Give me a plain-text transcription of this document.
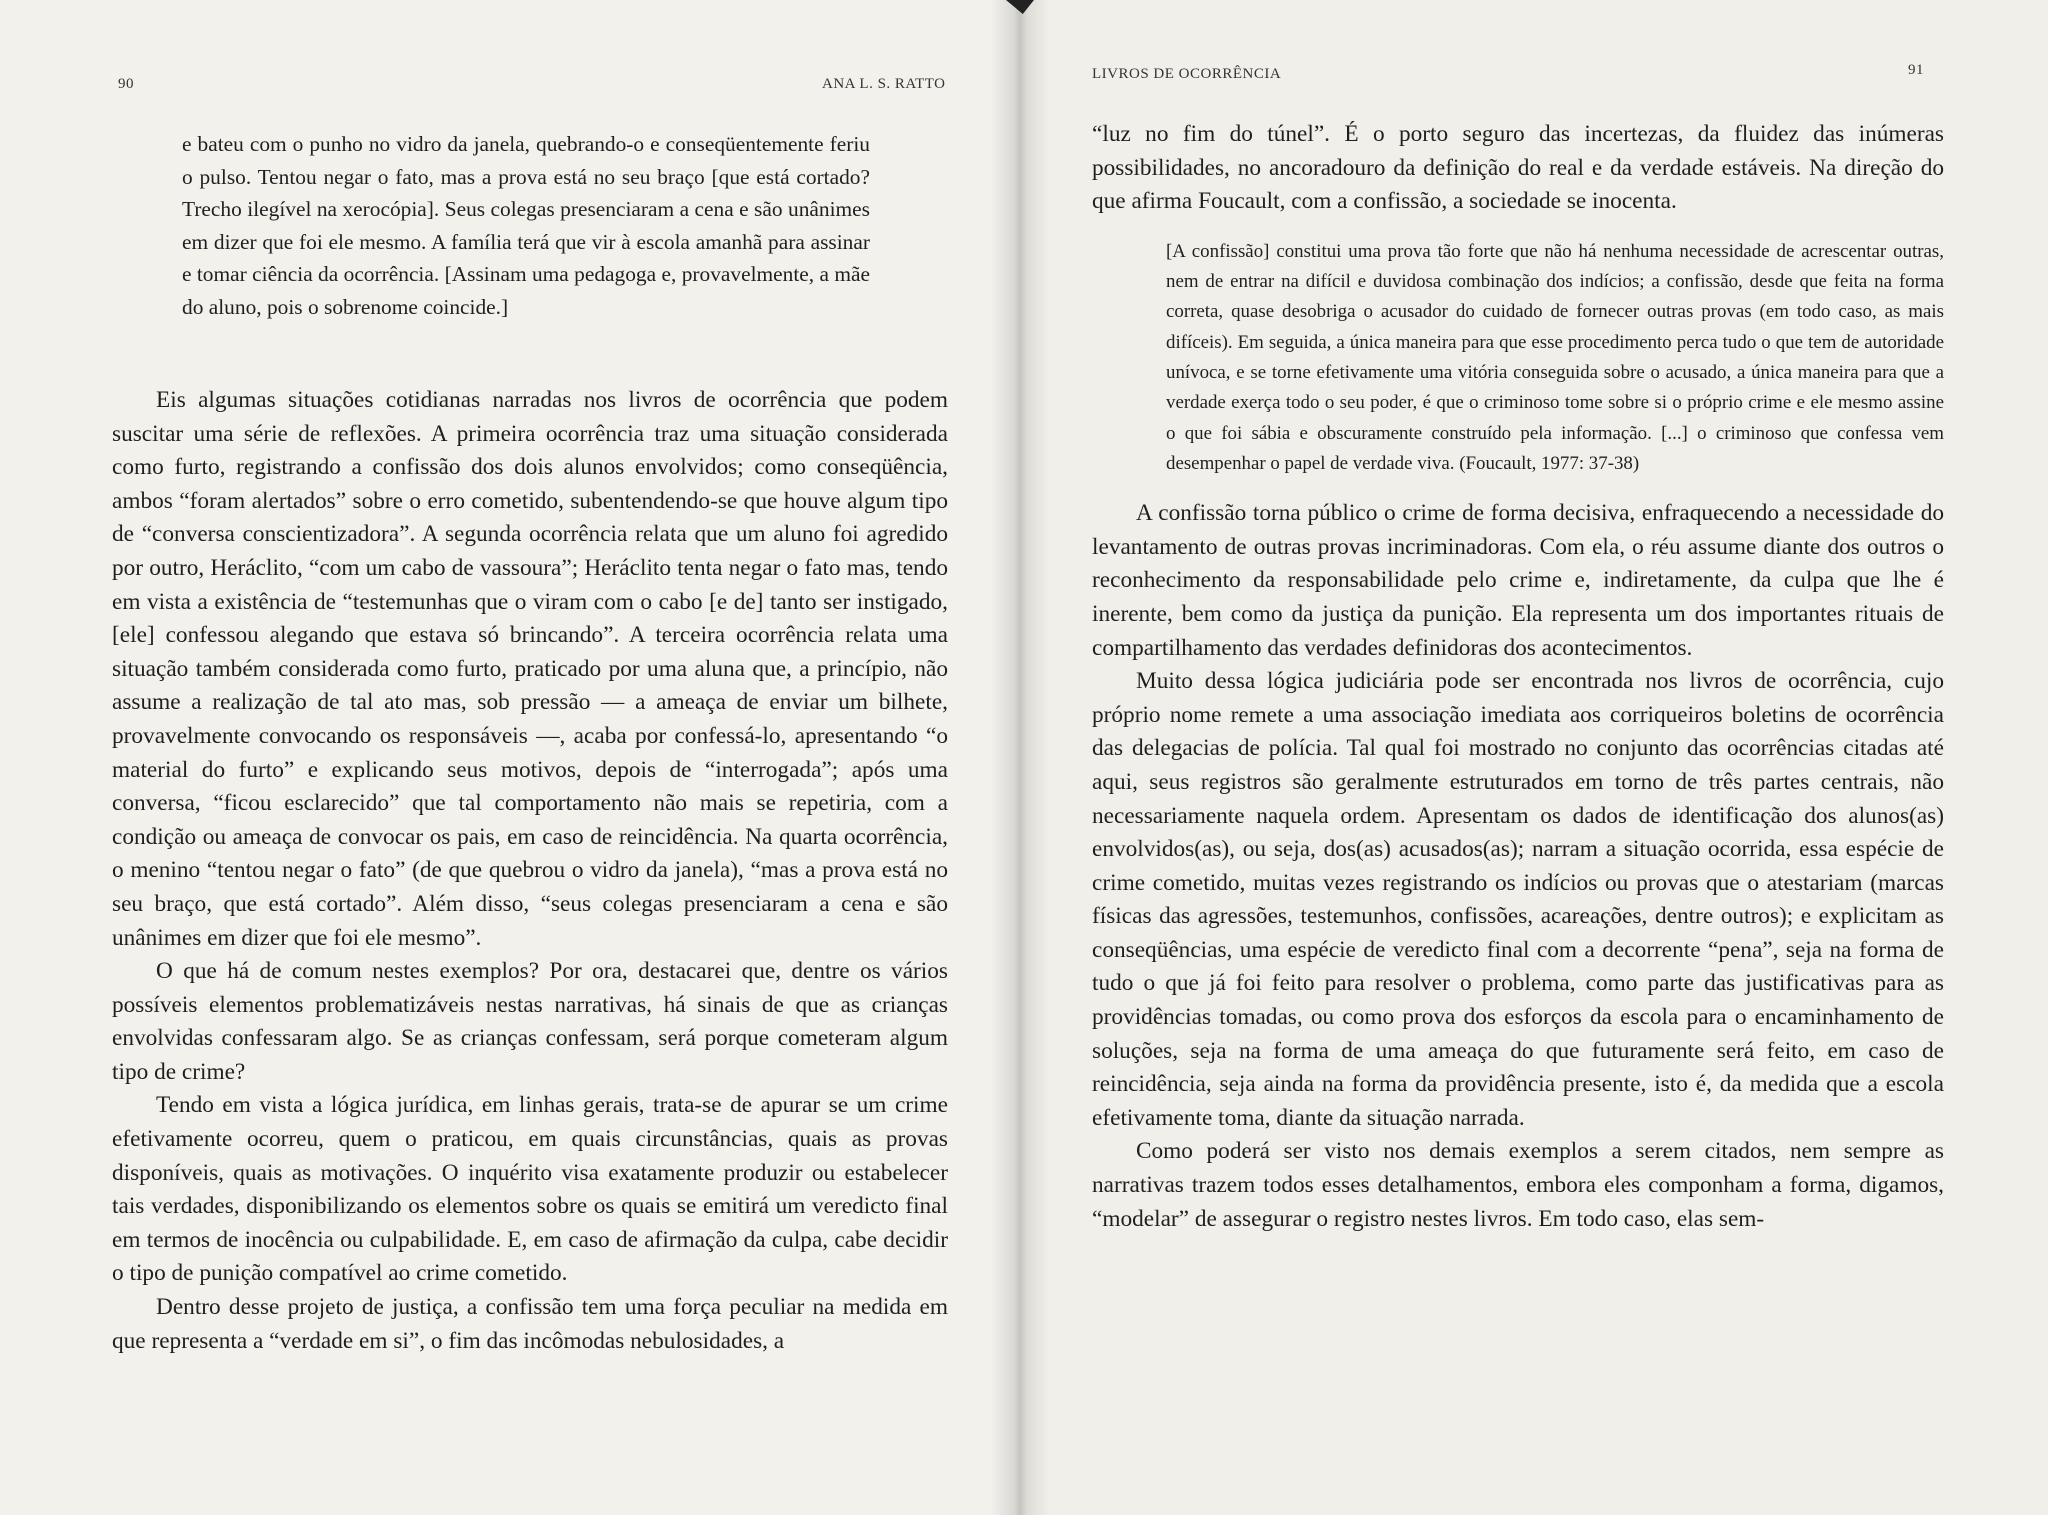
90	ANA L. S. RATTO

e bateu com o punho no vidro da janela, quebrando-o e conseqüentemente feriu o pulso. Tentou negar o fato, mas a prova está no seu braço [que está cortado? Trecho ilegível na xerocópia]. Seus colegas presenciaram a cena e são unânimes em dizer que foi ele mesmo. A família terá que vir à escola amanhã para assinar e tomar ciência da ocorrência. [Assinam uma pedagoga e, provavelmente, a mãe do aluno, pois o sobrenome coincide.]

Eis algumas situações cotidianas narradas nos livros de ocorrência que podem suscitar uma série de reflexões. A primeira ocorrência traz uma situação considerada como furto, registrando a confissão dos dois alunos envolvidos; como conseqüência, ambos “foram alertados” sobre o erro cometido, subentendendo-se que houve algum tipo de “conversa conscientizadora”. A segunda ocorrência relata que um aluno foi agredido por outro, Heráclito, “com um cabo de vassoura”; Heráclito tenta negar o fato mas, tendo em vista a existência de “testemunhas que o viram com o cabo [e de] tanto ser instigado, [ele] confessou alegando que estava só brincando”. A terceira ocorrência relata uma situação também considerada como furto, praticado por uma aluna que, a princípio, não assume a realização de tal ato mas, sob pressão — a ameaça de enviar um bilhete, provavelmente convocando os responsáveis —, acaba por confessá-lo, apresentando “o material do furto” e explicando seus motivos, depois de “interrogada”; após uma conversa, “ficou esclarecido” que tal comportamento não mais se repetiria, com a condição ou ameaça de convocar os pais, em caso de reincidência. Na quarta ocorrência, o menino “tentou negar o fato” (de que quebrou o vidro da janela), “mas a prova está no seu braço, que está cortado”. Além disso, “seus colegas presenciaram a cena e são unânimes em dizer que foi ele mesmo”.

O que há de comum nestes exemplos? Por ora, destacarei que, dentre os vários possíveis elementos problematizáveis nestas narrativas, há sinais de que as crianças envolvidas confessaram algo. Se as crianças confessam, será porque cometeram algum tipo de crime?

Tendo em vista a lógica jurídica, em linhas gerais, trata-se de apurar se um crime efetivamente ocorreu, quem o praticou, em quais circunstâncias, quais as provas disponíveis, quais as motivações. O inquérito visa exatamente produzir ou estabelecer tais verdades, disponibilizando os elementos sobre os quais se emitirá um veredicto final em termos de inocência ou culpabilidade. E, em caso de afirmação da culpa, cabe decidir o tipo de punição compatível ao crime cometido.

Dentro desse projeto de justiça, a confissão tem uma força peculiar na medida em que representa a “verdade em si”, o fim das incômodas nebulosidades, a

LIVROS DE OCORRÊNCIA	91

“luz no fim do túnel”. É o porto seguro das incertezas, da fluidez das inúmeras possibilidades, no ancoradouro da definição do real e da verdade estáveis. Na direção do que afirma Foucault, com a confissão, a sociedade se inocenta.

[A confissão] constitui uma prova tão forte que não há nenhuma necessidade de acrescentar outras, nem de entrar na difícil e duvidosa combinação dos indícios; a confissão, desde que feita na forma correta, quase desobriga o acusador do cuidado de fornecer outras provas (em todo caso, as mais difíceis). Em seguida, a única maneira para que esse procedimento perca tudo o que tem de autoridade unívoca, e se torne efetivamente uma vitória conseguida sobre o acusado, a única maneira para que a verdade exerça todo o seu poder, é que o criminoso tome sobre si o próprio crime e ele mesmo assine o que foi sábia e obscuramente construído pela informação. [...] o criminoso que confessa vem desempenhar o papel de verdade viva. (Foucault, 1977: 37-38)

A confissão torna público o crime de forma decisiva, enfraquecendo a necessidade do levantamento de outras provas incriminadoras. Com ela, o réu assume diante dos outros o reconhecimento da responsabilidade pelo crime e, indiretamente, da culpa que lhe é inerente, bem como da justiça da punição. Ela representa um dos importantes rituais de compartilhamento das verdades definidoras dos acontecimentos.

Muito dessa lógica judiciária pode ser encontrada nos livros de ocorrência, cujo próprio nome remete a uma associação imediata aos corriqueiros boletins de ocorrência das delegacias de polícia. Tal qual foi mostrado no conjunto das ocorrências citadas até aqui, seus registros são geralmente estruturados em torno de três partes centrais, não necessariamente naquela ordem. Apresentam os dados de identificação dos alunos(as) envolvidos(as), ou seja, dos(as) acusados(as); narram a situação ocorrida, essa espécie de crime cometido, muitas vezes registrando os indícios ou provas que o atestariam (marcas físicas das agressões, testemunhos, confissões, acareações, dentre outros); e explicitam as conseqüências, uma espécie de veredicto final com a decorrente “pena”, seja na forma de tudo o que já foi feito para resolver o problema, como parte das justificativas para as providências tomadas, ou como prova dos esforços da escola para o encaminhamento de soluções, seja na forma de uma ameaça do que futuramente será feito, em caso de reincidência, seja ainda na forma da providência presente, isto é, da medida que a escola efetivamente toma, diante da situação narrada.

Como poderá ser visto nos demais exemplos a serem citados, nem sempre as narrativas trazem todos esses detalhamentos, embora eles componham a forma, digamos, “modelar” de assegurar o registro nestes livros. Em todo caso, elas sem-
